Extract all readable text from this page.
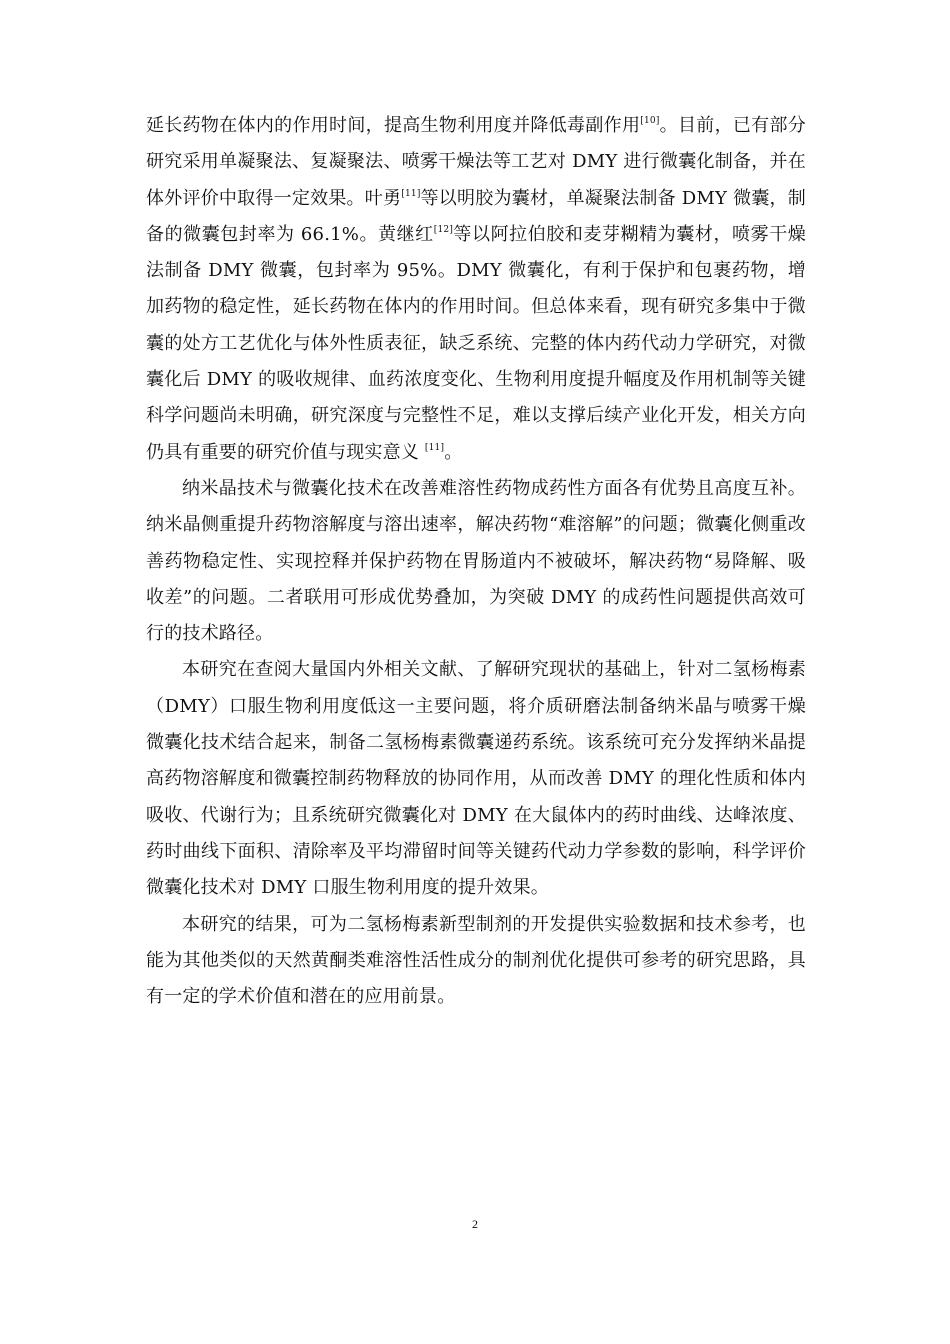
延长药物在体内的作用时间，提高生物利用度并降低毒副作用[10]。目前，已有部分研究采用单凝聚法、复凝聚法、喷雾干燥法等工艺对 DMY 进行微囊化制备，并在体外评价中取得一定效果。叶勇[11]等以明胶为囊材，单凝聚法制备 DMY 微囊，制备的微囊包封率为 66.1%。黄继红[12]等以阿拉伯胶和麦芽糊精为囊材，喷雾干燥法制备 DMY 微囊，包封率为 95%。DMY 微囊化，有利于保护和包裹药物，增加药物的稳定性，延长药物在体内的作用时间。但总体来看，现有研究多集中于微囊的处方工艺优化与体外性质表征，缺乏系统、完整的体内药代动力学研究，对微囊化后 DMY 的吸收规律、血药浓度变化、生物利用度提升幅度及作用机制等关键科学问题尚未明确，研究深度与完整性不足，难以支撑后续产业化开发，相关方向仍具有重要的研究价值与现实意义 [11]。

纳米晶技术与微囊化技术在改善难溶性药物成药性方面各有优势且高度互补。纳米晶侧重提升药物溶解度与溶出速率，解决药物“难溶解”的问题；微囊化侧重改善药物稳定性、实现控释并保护药物在胃肠道内不被破坏，解决药物“易降解、吸收差”的问题。二者联用可形成优势叠加，为突破 DMY 的成药性问题提供高效可行的技术路径。

本研究在查阅大量国内外相关文献、了解研究现状的基础上，针对二氢杨梅素（DMY）口服生物利用度低这一主要问题，将介质研磨法制备纳米晶与喷雾干燥微囊化技术结合起来，制备二氢杨梅素微囊递药系统。该系统可充分发挥纳米晶提高药物溶解度和微囊控制药物释放的协同作用，从而改善 DMY 的理化性质和体内吸收、代谢行为；且系统研究微囊化对 DMY 在大鼠体内的药时曲线、达峰浓度、药时曲线下面积、清除率及平均滞留时间等关键药代动力学参数的影响，科学评价微囊化技术对 DMY 口服生物利用度的提升效果。

本研究的结果，可为二氢杨梅素新型制剂的开发提供实验数据和技术参考，也能为其他类似的天然黄酮类难溶性活性成分的制剂优化提供可参考的研究思路，具有一定的学术价值和潜在的应用前景。

2
